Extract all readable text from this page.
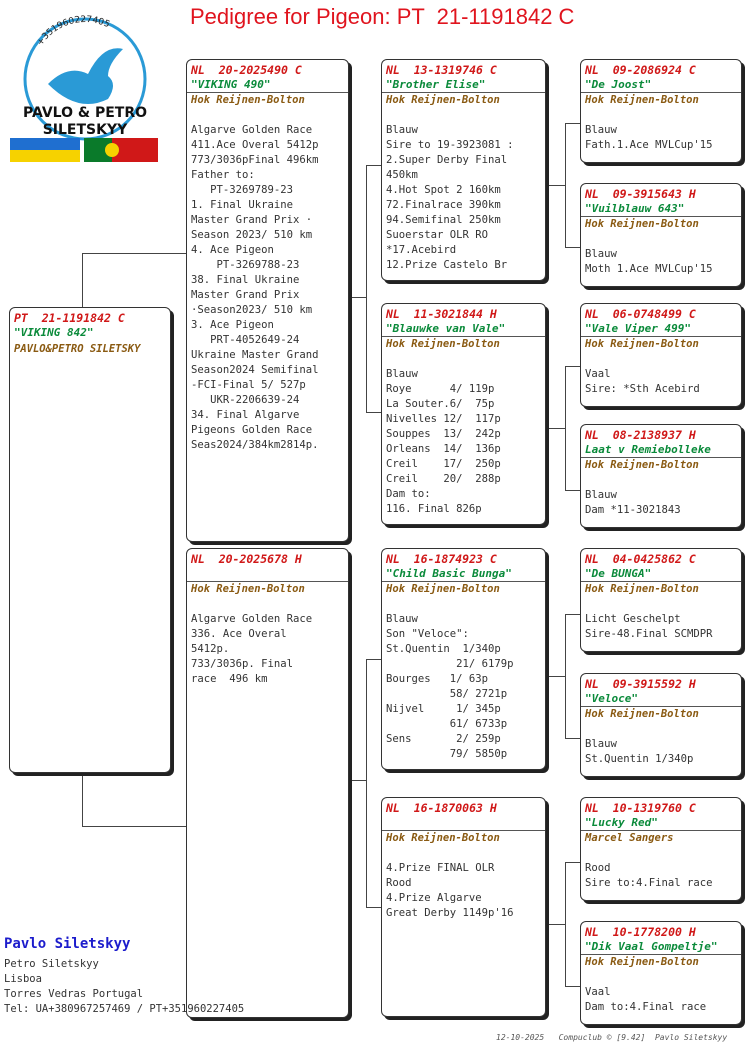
Pedigree for Pigeon: PT  21-1191842 C
+351960227405
PAVLO & PETRO
SILETSKYY
PT  21-1191842 C
"VIKING 842"
PAVLO&PETRO SILETSKY
NL  20-2025490 C
"VIKING 490"
Hok Reijnen-Bolton
Algarve Golden Race
411.Ace Overal 5412p
773/3036pFinal 496km
Father to:
PT-3269789-23
1. Final Ukraine
Master Grand Prix ·
Season 2023/ 510 km
4. Ace Pigeon
PT-3269788-23
38. Final Ukraine
Master Grand Prix
·Season2023/ 510 km
3. Ace Pigeon
PRT-4052649-24
Ukraine Master Grand
Season2024 Semifinal
-FCI-Final 5/ 527p
UKR-2206639-24
34. Final Algarve
Pigeons Golden Race
Seas2024/384km2814p.
NL  20-2025678 H
Hok Reijnen-Bolton
Algarve Golden Race
336. Ace Overal
5412p.
733/3036p. Final
race  496 km
NL  13-1319746 C
"Brother Elise"
Hok Reijnen-Bolton
Blauw
Sire to 19-3923081 :
2.Super Derby Final
450km
4.Hot Spot 2 160km
72.Finalrace 390km
94.Semifinal 250km
Suoerstar OLR RO
*17.Acebird
12.Prize Castelo Br
NL  11-3021844 H
"Blauwke van Vale"
Hok Reijnen-Bolton
Blauw
Roye      4/ 119p
La Souter.6/  75p
Nivelles 12/  117p
Souppes  13/  242p
Orleans  14/  136p
Creil    17/  250p
Creil    20/  288p
Dam to:
116. Final 826p
NL  16-1874923 C
"Child Basic Bunga"
Hok Reijnen-Bolton
Blauw
Son "Veloce":
St.Quentin  1/340p
21/ 6179p
Bourges   1/ 63p
58/ 2721p
Nijvel     1/ 345p
61/ 6733p
Sens       2/ 259p
79/ 5850p
NL  16-1870063 H
Hok Reijnen-Bolton
4.Prize FINAL OLR
Rood
4.Prize Algarve
Great Derby 1149p'16
NL  09-2086924 C
"De Joost"
Hok Reijnen-Bolton
Blauw
Fath.1.Ace MVLCup'15
NL  09-3915643 H
"Vuilblauw 643"
Hok Reijnen-Bolton
Blauw
Moth 1.Ace MVLCup'15
NL  06-0748499 C
"Vale Viper 499"
Hok Reijnen-Bolton
Vaal
Sire: *Sth Acebird
NL  08-2138937 H
Laat v Remiebolleke
Hok Reijnen-Bolton
Blauw
Dam *11-3021843
NL  04-0425862 C
"De BUNGA"
Hok Reijnen-Bolton
Licht Geschelpt
Sire-48.Final SCMDPR
NL  09-3915592 H
"Veloce"
Hok Reijnen-Bolton
Blauw
St.Quentin 1/340p
NL  10-1319760 C
"Lucky Red"
Marcel Sangers
Rood
Sire to:4.Final race
NL  10-1778200 H
"Dik Vaal Gompeltje"
Hok Reijnen-Bolton
Vaal
Dam to:4.Final race
Pavlo Siletskyy
Petro Siletskyy
Lisboa
Torres Vedras Portugal
Tel: UA+380967257469 / PT+351960227405
12-10-2025   Compuclub © [9.42]  Pavlo Siletskyy
